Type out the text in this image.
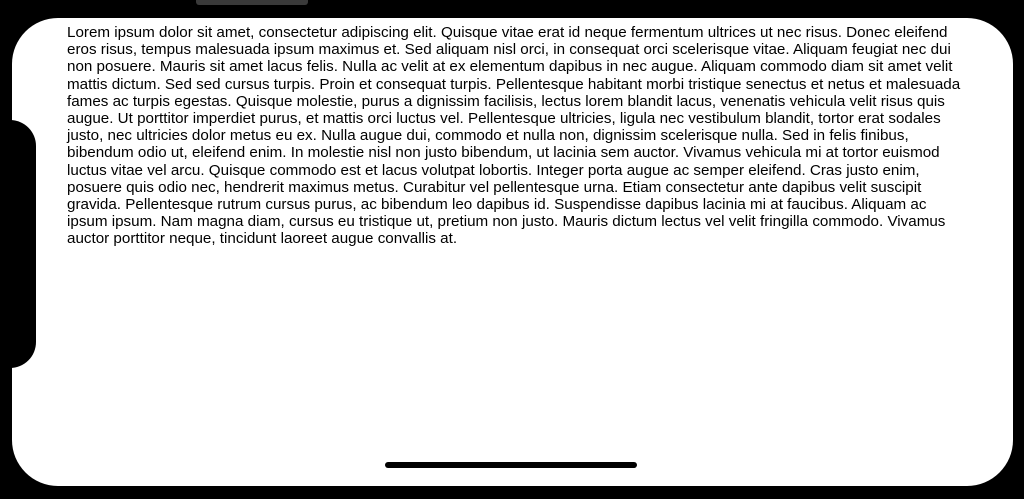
Lorem ipsum dolor sit amet, consectetur adipiscing elit. Quisque vitae erat id neque fermentum ultrices ut nec risus. Donec eleifend eros risus, tempus malesuada ipsum maximus et. Sed aliquam nisl orci, in consequat orci scelerisque vitae. Aliquam feugiat nec dui non posuere. Mauris sit amet lacus felis. Nulla ac velit at ex elementum dapibus in nec augue. Aliquam commodo diam sit amet velit mattis dictum. Sed sed cursus turpis. Proin et consequat turpis. Pellentesque habitant morbi tristique senectus et netus et malesuada fames ac turpis egestas. Quisque molestie, purus a dignissim facilisis, lectus lorem blandit lacus, venenatis vehicula velit risus quis augue. Ut porttitor imperdiet purus, et mattis orci luctus vel. Pellentesque ultricies, ligula nec vestibulum blandit, tortor erat sodales justo, nec ultricies dolor metus eu ex. Nulla augue dui, commodo et nulla non, dignissim scelerisque nulla. Sed in felis finibus, bibendum odio ut, eleifend enim. In molestie nisl non justo bibendum, ut lacinia sem auctor. Vivamus vehicula mi at tortor euismod luctus vitae vel arcu. Quisque commodo est et lacus volutpat lobortis. Integer porta augue ac semper eleifend. Cras justo enim, posuere quis odio nec, hendrerit maximus metus. Curabitur vel pellentesque urna. Etiam consectetur ante dapibus velit suscipit gravida. Pellentesque rutrum cursus purus, ac bibendum leo dapibus id. Suspendisse dapibus lacinia mi at faucibus. Aliquam ac ipsum ipsum. Nam magna diam, cursus eu tristique ut, pretium non justo. Mauris dictum lectus vel velit fringilla commodo. Vivamus auctor porttitor neque, tincidunt laoreet augue convallis at.
